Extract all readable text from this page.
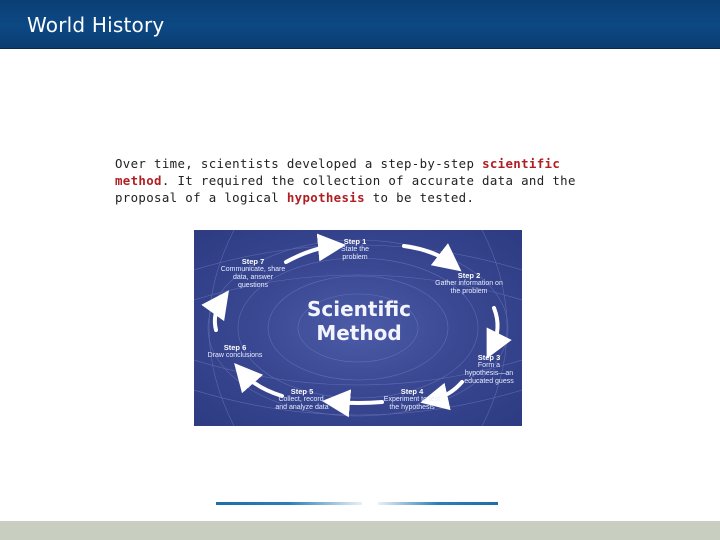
World History
Over time, scientists developed a step-by-step scientific method. It required the collection of accurate data and the proposal of a logical hypothesis to be tested.
Scientific
Method
Step 1
State the problem
Step 2
Gather information on the problem
Step 3
Form a hypothesis—an educated guess
Step 4
Experiment to test the hypothesis
Step 5
Collect, record, and analyze data
Step 6
Draw conclusions
Step 7
Communicate, share data, answer questions
